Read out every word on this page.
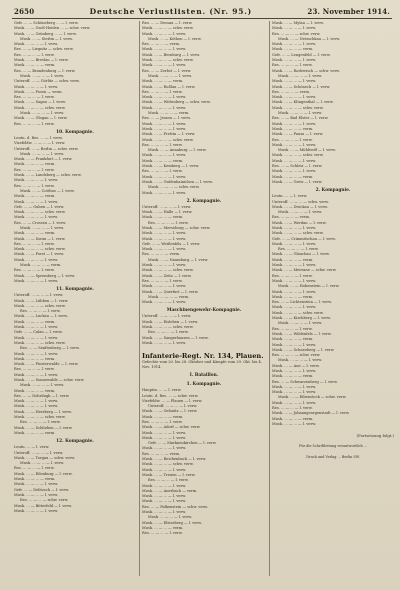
2650	Deutsche Verlustlisten. (Nr. 95.)	23. November 1914.
Gefr. ... — Schöneberg ... — l. verw.
Musk. ... — Groß-Heiden ... — schw. verw.
Musk. ... — Grünberg ... — l. verw.
Musk. ... — Stettin — l. verw.
Musk. ... — ... — l. verw.
Res. ... — Liegnitz — schw. verw.
Res. ... — ... — l. verw.
Musk. ... — Breslau — l. verw.
Musk. ... — ... — verm.
Res. ... — Brandenburg — l. verw.
Musk. ... — ... — l. verw.
Unteroff. ... — Görlitz — schw. verw.
Musk. ... — ... — l. verw.
Musk. ... — Posen — verm.
Res. ... — ... — l. verw.
Musk. ... — Sagan — l. verw.
Musk. ... — ... — schw. verw.
Musk. ... — ... — l. verw.
Musk. ... — Glogau — l. verw.
Res. ... — ... — l. verw.
10. Kompagnie.
Leutn. d. Res. ... — l. verw.
Vizefeldw. ... — ... — l. verw.
Unteroff. ... — Berlin — schw. verw.
Musk. ... — ... — l. verw.
Musk. ... — Frankfurt — l. verw.
Musk. ... — ... — verm.
Res. ... — ... — l. verw.
Musk. ... — Landsberg — schw. verw.
Musk. ... — ... — l. verw.
Res. ... — ... — l. verw.
Musk. ... — Cottbus — l. verw.
Musk. ... — ... — verm.
Musk. ... — ... — l. verw.
Gefr. ... — Guben — l. verw.
Musk. ... — ... — schw. verw.
Musk. ... — ... — l. verw.
Res. ... — Crossen — l. verw.
Musk. ... — ... — l. verw.
Musk. ... — ... — verm.
Musk. ... — Sorau — l. verw.
Res. ... — ... — l. verw.
Musk. ... — ... — schw. verw.
Musk. ... — Forst — l. verw.
Musk. ... — ... — l. verw.
Musk. ... — ... — verm.
Res. ... — ... — l. verw.
Musk. ... — Spremberg — l. verw.
Musk. ... — ... — l. verw.
11. Kompagnie.
Unteroff. ... — ... — l. verw.
Musk. ... — Lübben — l. verw.
Musk. ... — ... — schw. verw.
Res. ... — ... — l. verw.
Musk. ... — Luckau — l. verw.
Musk. ... — ... — verm.
Musk. ... — ... — l. verw.
Gefr. ... — Calau — l. verw.
Musk. ... — ... — l. verw.
Musk. ... — ... — schw. verw.
Res. ... — Senftenberg — l. verw.
Musk. ... — ... — l. verw.
Musk. ... — ... — verm.
Musk. ... — Finsterwalde — l. verw.
Res. ... — ... — l. verw.
Musk. ... — ... — l. verw.
Musk. ... — Sonnewalde — schw. verw.
Musk. ... — ... — l. verw.
Musk. ... — ... — verm.
Res. ... — Dobrilugk — l. verw.
Musk. ... — ... — l. verw.
Musk. ... — ... — l. verw.
Musk. ... — Herzberg — l. verw.
Musk. ... — ... — schw. verw.
Res. ... — ... — l. verw.
Musk. ... — Schlieben — l. verw.
Musk. ... — ... — verm.
12. Kompagnie.
Leutn. ... — l. verw.
Unteroff. ... — ... — l. verw.
Musk. ... — Torgau — schw. verw.
Musk. ... — ... — l. verw.
Res. ... — ... — l. verw.
Musk. ... — Eilenburg — l. verw.
Musk. ... — ... — verm.
Musk. ... — ... — l. verw.
Gefr. ... — Delitzsch — l. verw.
Musk. ... — ... — l. verw.
Res. ... — ... — schw. verw.
Musk. ... — Bitterfeld — l. verw.
Musk. ... — ... — l. verw.
Res. ... — Dessau — l. verw.
Musk. ... — ... — schw. verw.
Musk. ... — ... — l. verw.
Musk. ... — Köthen — l. verw.
Res. ... — ... — verm.
Musk. ... — ... — l. verw.
Musk. ... — Bernburg — l. verw.
Musk. ... — ... — schw. verw.
Musk. ... — ... — l. verw.
Res. ... — Zerbst — l. verw.
Musk. ... — ... — l. verw.
Musk. ... — ... — verm.
Musk. ... — Roßlau — l. verw.
Res. ... — ... — l. verw.
Musk. ... — ... — l. verw.
Musk. ... — Wittenberg — schw. verw.
Musk. ... — ... — l. verw.
Musk. ... — ... — verm.
Res. ... — Jessen — l. verw.
Musk. ... — ... — l. verw.
Musk. ... — ... — l. verw.
Musk. ... — Prettin — l. verw.
Musk. ... — ... — schw. verw.
Res. ... — ... — l. verw.
Musk. ... — Annaburg — l. verw.
Musk. ... — ... — l. verw.
Musk. ... — ... — verm.
Musk. ... — Kemberg — l. verw.
Res. ... — ... — l. verw.
Musk. ... — ... — l. verw.
Musk. ... — Gräfenhainichen — l. verw.
Musk. ... — ... — schw. verw.
Musk. ... — ... — l. verw.
2. Kompagnie.
Unteroff. ... — ... — l. verw.
Musk. ... — Halle — l. verw.
Musk. ... — ... — verm.
Res. ... — ... — l. verw.
Musk. ... — Merseburg — schw. verw.
Musk. ... — ... — l. verw.
Musk. ... — ... — l. verw.
Gefr. ... — Weißenfels — l. verw.
Musk. ... — ... — l. verw.
Res. ... — ... — verm.
Musk. ... — Naumburg — l. verw.
Musk. ... — ... — l. verw.
Musk. ... — ... — schw. verw.
Musk. ... — Zeitz — l. verw.
Res. ... — ... — l. verw.
Musk. ... — ... — l. verw.
Musk. ... — Querfurt — l. verw.
Musk. ... — ... — verm.
Musk. ... — ... — l. verw.
Maschinengewehr-Kompagnie.
Unteroff. ... — ... — l. verw.
Musk. ... — Eisleben — l. verw.
Musk. ... — ... — schw. verw.
Res. ... — ... — l. verw.
Musk. ... — Sangerhausen — l. verw.
Musk. ... — ... — l. verw.
Infanterie-Regt. Nr. 134, Plauen.
Gefechte vom 20. bis 28. Oktober und Kämpfe vom 29. Okt. bis 4. Nov. 1914.
I. Bataillon.
1. Kompagnie.
Hauptm. ... — l. verw.
Leutn. d. Res. ... — schw. verw.
Vizefeldw. ... — Plauen — l. verw.
Unteroff. ... — ... — l. verw.
Musk. ... — Oelsnitz — l. verw.
Musk. ... — ... — verm.
Res. ... — ... — l. verw.
Musk. ... — Adorf — schw. verw.
Musk. ... — ... — l. verw.
Musk. ... — ... — l. verw.
Gefr. ... — Markneukirchen — l. verw.
Musk. ... — ... — l. verw.
Res. ... — ... — verm.
Musk. ... — Reichenbach — l. verw.
Musk. ... — ... — schw. verw.
Musk. ... — ... — l. verw.
Musk. ... — Treuen — l. verw.
Res. ... — ... — l. verw.
Musk. ... — ... — l. verw.
Musk. ... — Auerbach — verm.
Musk. ... — ... — l. verw.
Musk. ... — ... — l. verw.
Res. ... — Falkenstein — schw. verw.
Musk. ... — ... — l. verw.
Musk. ... — ... — l. verw.
Musk. ... — Elsterberg — l. verw.
Musk. ... — ... — verm.
Res. ... — ... — l. verw.
Musk. ... — Mylau — l. verw.
Musk. ... — ... — l. verw.
Res. ... — ... — schw. verw.
Musk. ... — Netzschkau — l. verw.
Musk. ... — ... — l. verw.
Musk. ... — ... — verm.
Gefr. ... — Lengenfeld — l. verw.
Musk. ... — ... — l. verw.
Res. ... — ... — l. verw.
Musk. ... — Rodewisch — schw. verw.
Musk. ... — ... — l. verw.
Musk. ... — ... — l. verw.
Musk. ... — Schöneck — l. verw.
Res. ... — ... — verm.
Musk. ... — ... — l. verw.
Musk. ... — Klingenthal — l. verw.
Musk. ... — ... — schw. verw.
Musk. ... — ... — l. verw.
Res. ... — Bad Elster — l. verw.
Musk. ... — ... — l. verw.
Musk. ... — ... — verm.
Musk. ... — Pausa — l. verw.
Res. ... — ... — l. verw.
Musk. ... — ... — l. verw.
Musk. ... — Mühltroff — l. verw.
Musk. ... — ... — schw. verw.
Musk. ... — ... — l. verw.
Res. ... — Schleiz — l. verw.
Musk. ... — ... — l. verw.
Musk. ... — ... — verm.
Musk. ... — Greiz — l. verw.
2. Kompagnie.
Leutn. ... — l. verw.
Unteroff. ... — ... — schw. verw.
Musk. ... — Zwickau — l. verw.
Musk. ... — ... — l. verw.
Res. ... — ... — verm.
Musk. ... — Werdau — l. verw.
Musk. ... — ... — l. verw.
Musk. ... — ... — schw. verw.
Gefr. ... — Crimmitschau — l. verw.
Musk. ... — ... — l. verw.
Res. ... — ... — l. verw.
Musk. ... — Glauchau — l. verw.
Musk. ... — ... — verm.
Musk. ... — ... — l. verw.
Musk. ... — Meerane — schw. verw.
Res. ... — ... — l. verw.
Musk. ... — ... — l. verw.
Musk. ... — Hohenstein — l. verw.
Musk. ... — ... — l. verw.
Musk. ... — ... — verm.
Res. ... — Lichtenstein — l. verw.
Musk. ... — ... — l. verw.
Musk. ... — ... — schw. verw.
Musk. ... — Kirchberg — l. verw.
Musk. ... — ... — l. verw.
Res. ... — ... — l. verw.
Musk. ... — Wildenfels — l. verw.
Musk. ... — ... — verm.
Musk. ... — ... — l. verw.
Musk. ... — Schneeberg — l. verw.
Res. ... — ... — schw. verw.
Musk. ... — ... — l. verw.
Musk. ... — Aue — l. verw.
Musk. ... — ... — l. verw.
Musk. ... — ... — verm.
Res. ... — Schwarzenberg — l. verw.
Musk. ... — ... — l. verw.
Musk. ... — ... — l. verw.
Musk. ... — Eibenstock — schw. verw.
Musk. ... — ... — l. verw.
Res. ... — ... — l. verw.
Musk. ... — Johanngeorgenstadt — l. verw.
Musk. ... — ... — verm.
Musk. ... — ... — l. verw.
(Fortsetzung folgt.)
Für die Schriftleitung verantwortlich ...
Druck und Verlag ... Berlin SW.
